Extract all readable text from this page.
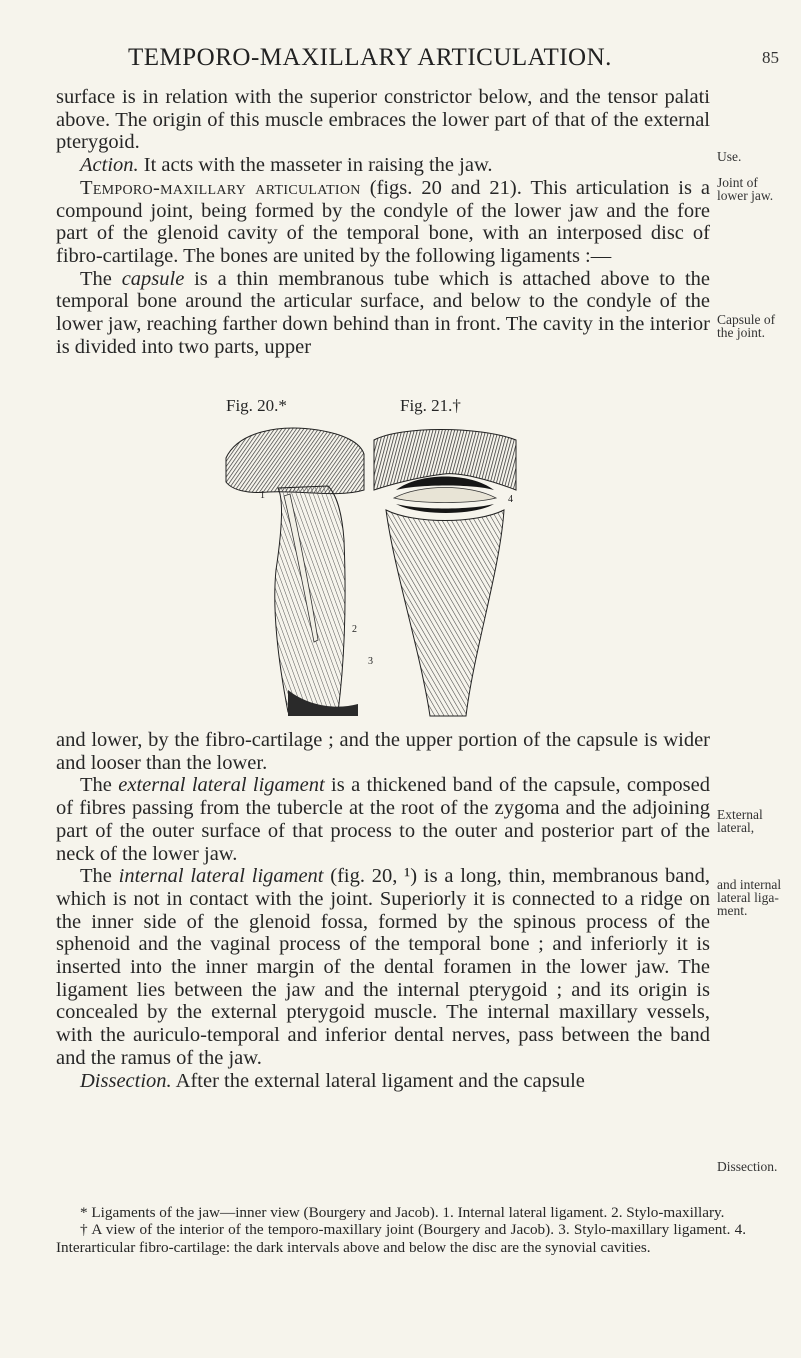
TEMPORO-MAXILLARY ARTICULATION.	85

surface is in relation with the superior constrictor below, and the tensor palati above. The origin of this muscle embraces the lower part of that of the external pterygoid.
Action. It acts with the masseter in raising the jaw.

Temporo-maxillary articulation (figs. 20 and 21). This articulation is a compound joint, being formed by the condyle of the lower jaw and the fore part of the glenoid cavity of the temporal bone, with an interposed disc of fibro-cartilage. The bones are united by the following ligaments :—

The capsule is a thin membranous tube which is attached above to the temporal bone around the articular surface, and below to the condyle of the lower jaw, reaching farther down behind than in front. The cavity in the interior is divided into two parts, upper

Use.
Joint of lower jaw.
Capsule of the joint.
External lateral,
and internal lateral liga- ment.
Dissection.
Fig. 20.*	Fig. 21.†
1
2
3
4

and lower, by the fibro-cartilage ; and the upper portion of the capsule is wider and looser than the lower.

The external lateral ligament is a thickened band of the capsule, composed of fibres passing from the tubercle at the root of the zygoma and the adjoining part of the outer surface of that process to the outer and posterior part of the neck of the lower jaw.

The internal lateral ligament (fig. 20, ¹) is a long, thin, membranous band, which is not in contact with the joint. Superiorly it is connected to a ridge on the inner side of the glenoid fossa, formed by the spinous process of the sphenoid and the vaginal process of the temporal bone ; and inferiorly it is inserted into the inner margin of the dental foramen in the lower jaw. The ligament lies between the jaw and the internal pterygoid ; and its origin is concealed by the external pterygoid muscle. The internal maxillary vessels, with the auriculo-temporal and inferior dental nerves, pass between the band and the ramus of the jaw.

Dissection. After the external lateral ligament and the capsule

* Ligaments of the jaw—inner view (Bourgery and Jacob). 1. Internal lateral ligament. 2. Stylo-maxillary.

† A view of the interior of the temporo-maxillary joint (Bourgery and Jacob). 3. Stylo-maxillary ligament. 4. Interarticular fibro-cartilage: the dark intervals above and below the disc are the synovial cavities.
